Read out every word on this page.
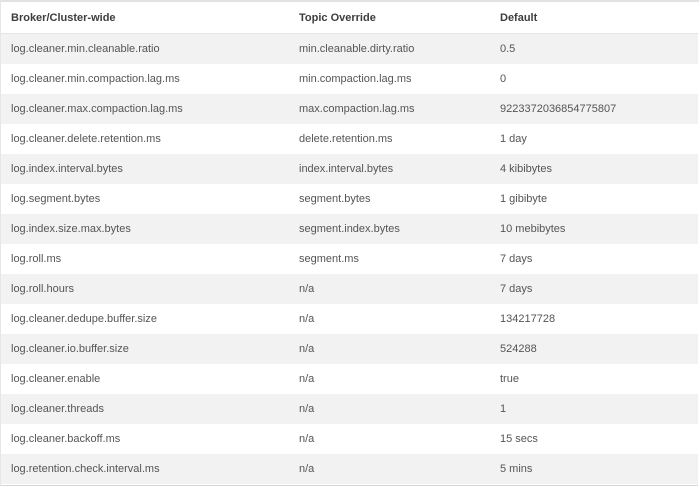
Broker/Cluster-wide	Topic Override	Default
log.cleaner.min.cleanable.ratio	min.cleanable.dirty.ratio	0.5
log.cleaner.min.compaction.lag.ms	min.compaction.lag.ms	0
log.cleaner.max.compaction.lag.ms	max.compaction.lag.ms	9223372036854775807
log.cleaner.delete.retention.ms	delete.retention.ms	1 day
log.index.interval.bytes	index.interval.bytes	4 kibibytes
log.segment.bytes	segment.bytes	1 gibibyte
log.index.size.max.bytes	segment.index.bytes	10 mebibytes
log.roll.ms	segment.ms	7 days
log.roll.hours	n/a	7 days
log.cleaner.dedupe.buffer.size	n/a	134217728
log.cleaner.io.buffer.size	n/a	524288
log.cleaner.enable	n/a	true
log.cleaner.threads	n/a	1
log.cleaner.backoff.ms	n/a	15 secs
log.retention.check.interval.ms	n/a	5 mins
